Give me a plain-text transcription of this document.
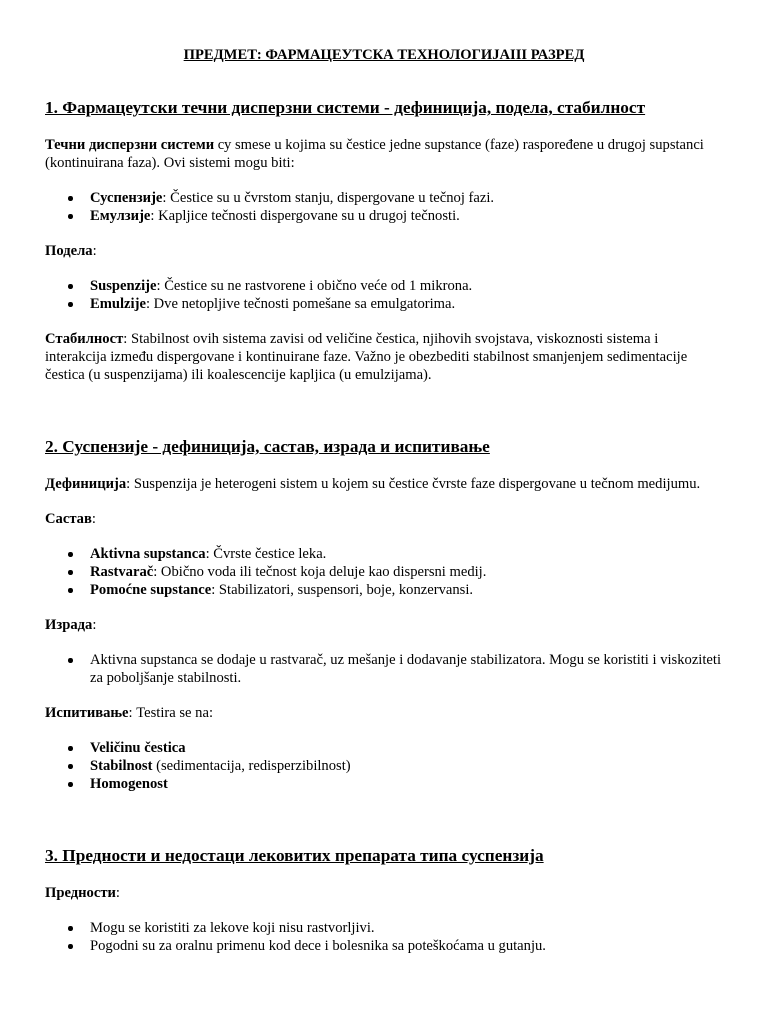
ПРЕДМЕТ: ФАРМАЦЕУТСКА ТЕХНОЛОГИЈАIII РАЗРЕД
1. Фармацеутски течни дисперзни системи - дефиниција, подела, стабилност

Течни дисперзни системи су smese u kojima su čestice jedne supstance (faze) raspoređene u drugoj supstanci (kontinuirana faza). Ovi sistemi mogu biti:

Суспензије: Čestice su u čvrstom stanju, dispergovane u tečnoj fazi.
Емулзије: Kapljice tečnosti dispergovane su u drugoj tečnosti.

Подела:

Suspenzije: Čestice su ne rastvorene i obično veće od 1 mikrona.
Emulzije: Dve netopljive tečnosti pomešane sa emulgatorima.

Стабилност: Stabilnost ovih sistema zavisi od veličine čestica, njihovih svojstava, viskoznosti sistema i interakcija između dispergovane i kontinuirane faze. Važno je obezbediti stabilnost smanjenjem sedimentacije čestica (u suspenzijama) ili koalescencije kapljica (u emulzijama).

2. Суспензије - дефиниција, састав, израда и испитивање

Дефиниција: Suspenzija je heterogeni sistem u kojem su čestice čvrste faze dispergovane u tečnom medijumu.

Састав:

Aktivna supstanca: Čvrste čestice leka.
Rastvarač: Obično voda ili tečnost koja deluje kao dispersni medij.
Pomoćne supstance: Stabilizatori, suspensori, boje, konzervansi.

Израда:

Aktivna supstanca se dodaje u rastvarač, uz mešanje i dodavanje stabilizatora. Mogu se koristiti i viskoziteti za poboljšanje stabilnosti.

Испитивање: Testira se na:

Veličinu čestica
Stabilnost (sedimentacija, redisperzibilnost)
Homogenost
3. Предности и недостаци лековитих препарата типа суспензија

Предности:

Mogu se koristiti za lekove koji nisu rastvorljivi.
Pogodni su za oralnu primenu kod dece i bolesnika sa poteškoćama u gutanju.
